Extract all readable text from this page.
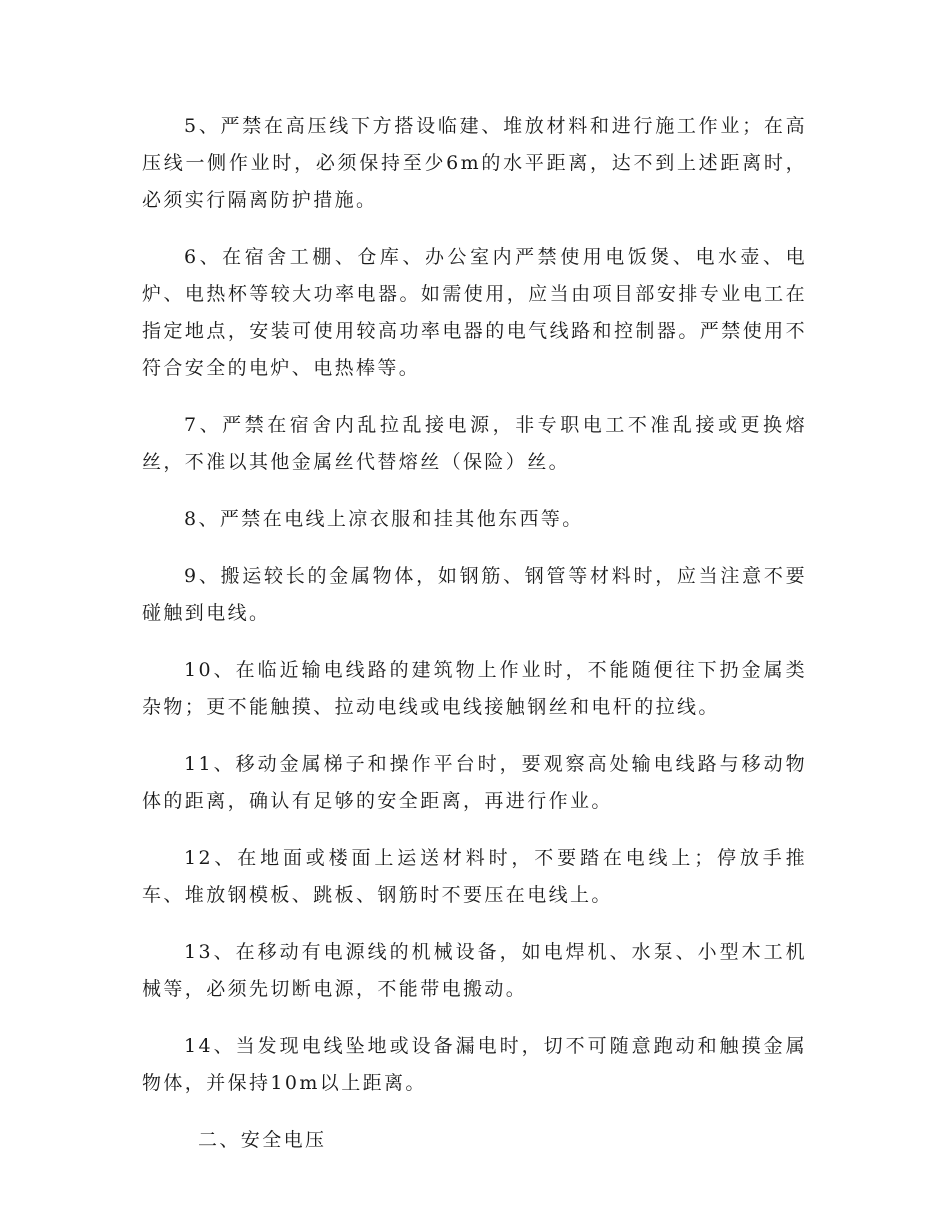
5、严禁在高压线下方搭设临建、堆放材料和进行施工作业；在高压线一侧作业时，必须保持至少6m的水平距离，达不到上述距离时，必须实行隔离防护措施。

6、在宿舍工棚、仓库、办公室内严禁使用电饭煲、电水壶、电炉、电热杯等较大功率电器。如需使用，应当由项目部安排专业电工在指定地点，安装可使用较高功率电器的电气线路和控制器。严禁使用不符合安全的电炉、电热棒等。

7、严禁在宿舍内乱拉乱接电源，非专职电工不准乱接或更换熔丝，不准以其他金属丝代替熔丝（保险）丝。

8、严禁在电线上凉衣服和挂其他东西等。

9、搬运较长的金属物体，如钢筋、钢管等材料时，应当注意不要碰触到电线。

10、在临近输电线路的建筑物上作业时，不能随便往下扔金属类杂物；更不能触摸、拉动电线或电线接触钢丝和电杆的拉线。

11、移动金属梯子和操作平台时，要观察高处输电线路与移动物体的距离，确认有足够的安全距离，再进行作业。

12、在地面或楼面上运送材料时，不要踏在电线上；停放手推车、堆放钢模板、跳板、钢筋时不要压在电线上。

13、在移动有电源线的机械设备，如电焊机、水泵、小型木工机械等，必须先切断电源，不能带电搬动。

14、当发现电线坠地或设备漏电时，切不可随意跑动和触摸金属物体，并保持10m以上距离。

二、安全电压
